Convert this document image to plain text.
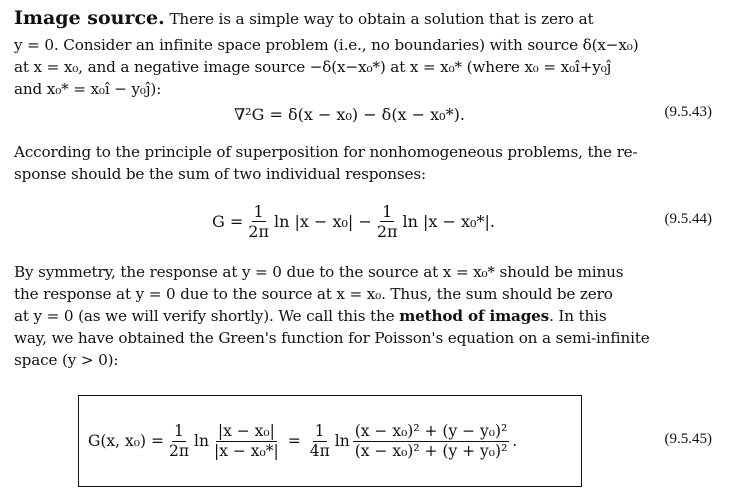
Image source. There is a simple way to obtain a solution that is zero at
y = 0. Consider an infinite space problem (i.e., no boundaries) with source δ(x−x₀)
at x = x₀, and a negative image source −δ(x−x₀*) at x = x₀* (where x₀ = x₀î+y₀ĵ
and x₀* = x₀î − y₀ĵ):
∇²G = δ(x − x₀) − δ(x − x₀*).	(9.5.43)
According to the principle of superposition for nonhomogeneous problems, the re-
sponse should be the sum of two individual responses:
$G = \frac{1}{2\pi}$ $\ln |x - x_0| - \frac{1}{2\pi}$ ln |x − x₀*|.	(9.5.44)
By symmetry, the response at y = 0 due to the source at x = x₀* should be minus
the response at y = 0 due to the source at x = x₀. Thus, the sum should be zero
at y = 0 (as we will verify shortly). We call this the method of images. In this
way, we have obtained the Green's function for Poisson's equation on a semi-infinite
space (y > 0):
G(x, $x_0) = \frac{1}{2\pi}$ $\ln \frac{\text{|x − x₀|}}{\text{|x − x₀*|}} = \frac{1}{4\pi}$ $\ln \frac{\text{(x − x₀)² + (y − y₀)²}}{\text{(x − x₀)² + (y + y₀)²}}$ .	(9.5.45)
